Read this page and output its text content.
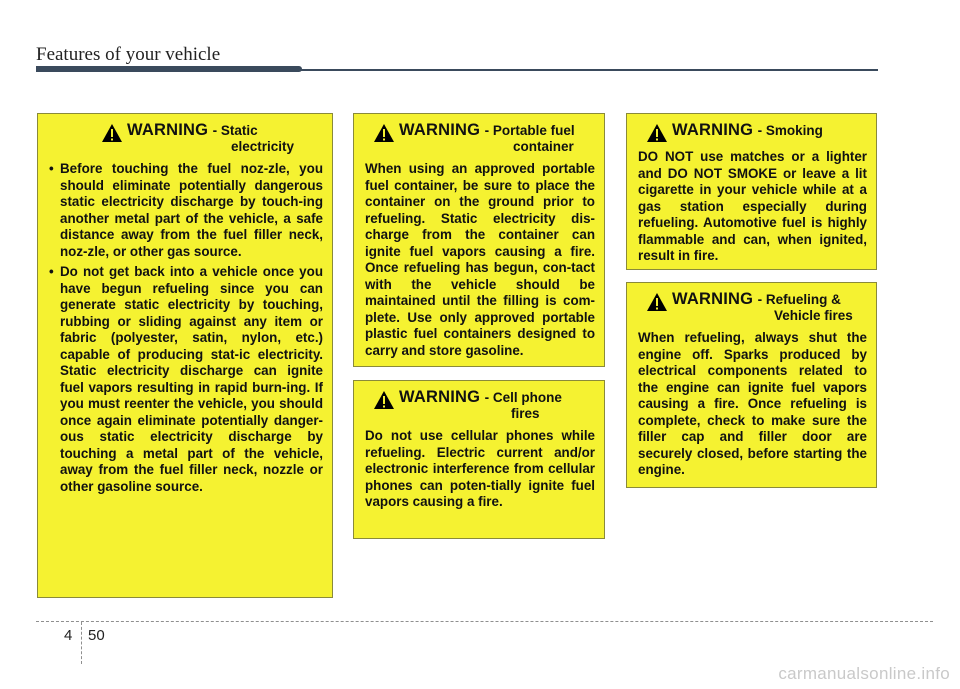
Features of your vehicle
WARNING - Static
electricity
• Before touching the fuel noz-zle, you should eliminate potentially dangerous static electricity discharge by touch-ing another metal part of the vehicle, a safe distance away from the fuel filler neck, noz-zle, or other gas source.
• Do not get back into a vehicle once you have begun refueling since you can generate static electricity by touching, rubbing or sliding against any item or fabric (polyester, satin, nylon, etc.) capable of producing stat-ic electricity. Static electricity discharge can ignite fuel vapors resulting in rapid burn-ing. If you must reenter the vehicle, you should once again eliminate potentially danger-ous static electricity discharge by touching a metal part of the vehicle, away from the fuel filler neck, nozzle or other gasoline source.
WARNING - Portable fuel
container
When using an approved portable fuel container, be sure to place the container on the ground prior to refueling. Static electricity dis-charge from the container can ignite fuel vapors causing a fire. Once refueling has begun, con-tact with the vehicle should be maintained until the filling is com-plete. Use only approved portable plastic fuel containers designed to carry and store gasoline.
WARNING - Cell phone
fires
Do not use cellular phones while refueling. Electric current and/or electronic interference from cellular phones can poten-tially ignite fuel vapors causing a fire.
WARNING - Smoking
DO NOT use matches or a lighter and DO NOT SMOKE or leave a lit cigarette in your vehicle while at a gas station especially during refueling. Automotive fuel is highly flammable and can, when ignited, result in fire.
WARNING - Refueling &
Vehicle fires
When refueling, always shut the engine off. Sparks produced by electrical components related to the engine can ignite fuel vapors causing a fire. Once refueling is complete, check to make sure the filler cap and filler door are securely closed, before starting the engine.
4 50
carmanualsonline.info
